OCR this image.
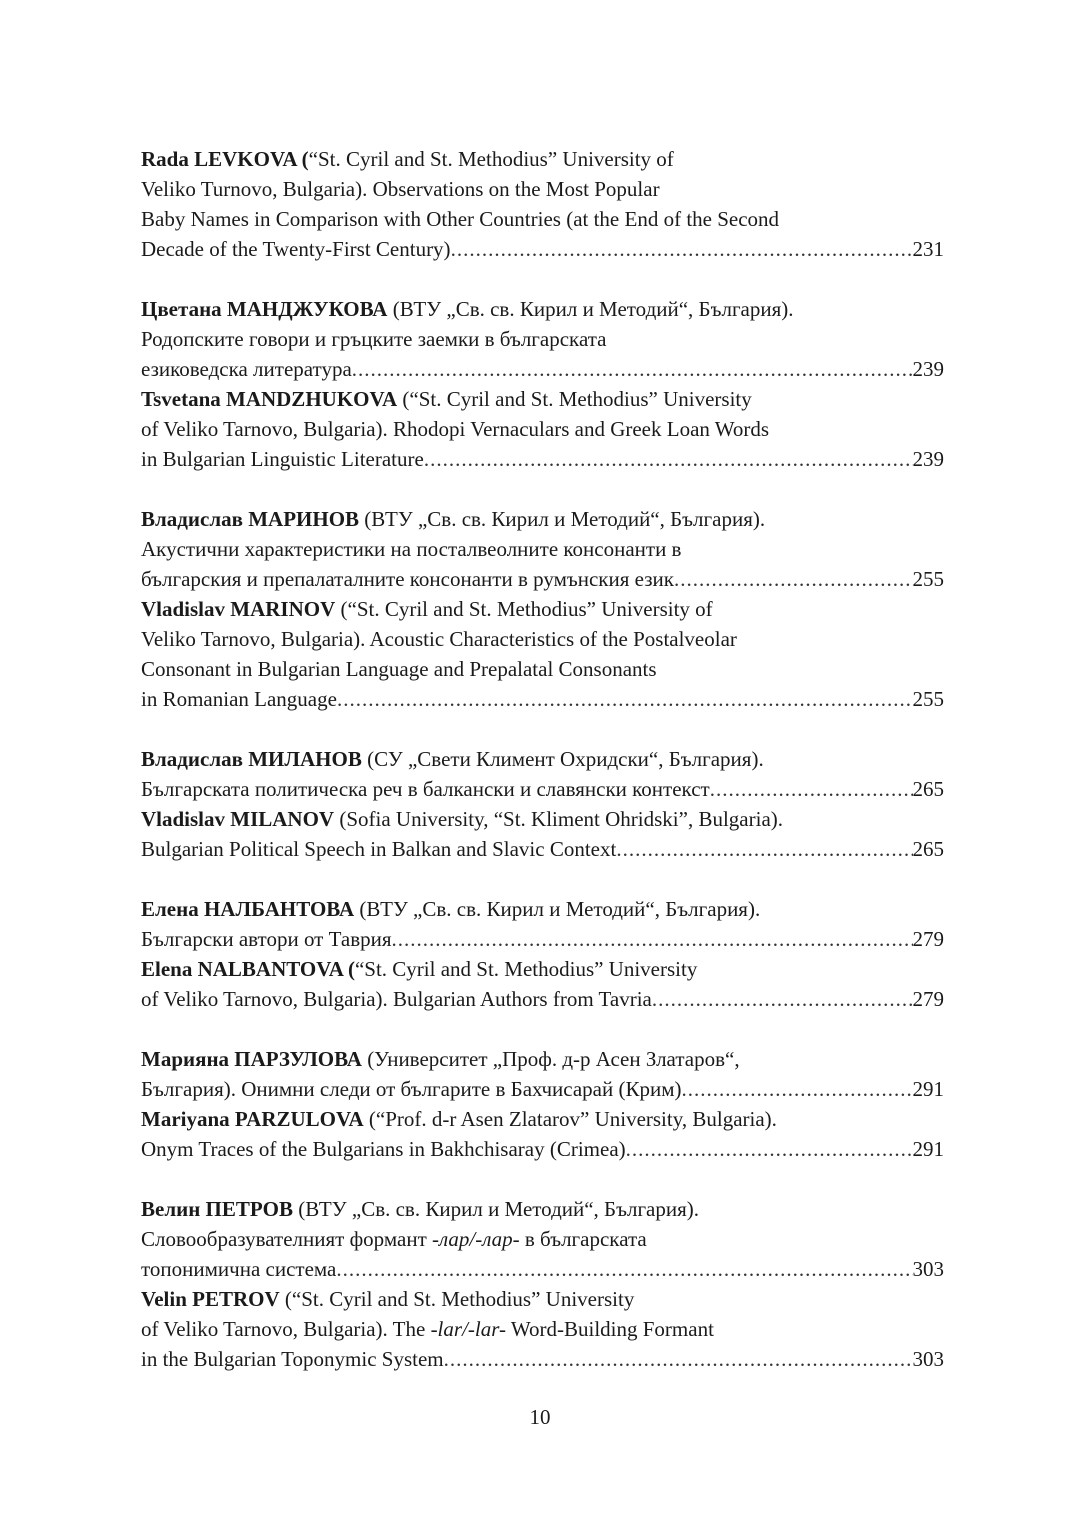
Rada LEVKOVA (“St. Cyril and St. Methodius” University of
Veliko Turnovo, Bulgaria). Observations on the Most Popular
Baby Names in Comparison with Other Countries (at the End of the Second
Decade of the Twenty-First Century) .....	231
Цветана МАНДЖУКОВА (ВТУ „Св. св. Кирил и Методий“, България).
Родопските говори и гръцките заемки в българската
езиковедска литература .....	239
Tsvetana MANDZHUKOVA (“St. Cyril and St. Methodius” University
of Veliko Tarnovo, Bulgaria). Rhodopi Vernaculars and Greek Loan Words
in Bulgarian Linguistic Literature .....	239
Владислав МАРИНОВ (ВТУ „Св. св. Кирил и Методий“, България).
Акустични характеристики на посталвеолните консонанти в
българския и препалаталните консонанти в румънския език .....	255
Vladislav MARINOV (“St. Cyril and St. Methodius” University of
Veliko Tarnovo, Bulgaria). Acoustic Characteristics of the Postalveolar
Consonant in Bulgarian Language and Prepalatal Consonants
in Romanian Language .....	255
Владислав МИЛАНОВ (СУ „Свети Климент Охридски“, България).
Българската политическа реч в балкански и славянски контекст .....	265
Vladislav MILANOV (Sofia University, “St. Kliment Ohridski”, Bulgaria).
Bulgarian Political Speech in Balkan and Slavic Context .....	265
Елена НАЛБАНТОВА (ВТУ „Св. св. Кирил и Методий“, България).
Български автори от Таврия .....	279
Elena NALBANTOVA (“St. Cyril and St. Methodius” University
of Veliko Tarnovo, Bulgaria). Bulgarian Authors from Tavria .....	279
Марияна ПАРЗУЛОВА (Университет „Проф. д-р Асен Златаров“,
България). Онимни следи от българите в Бахчисарай (Крим) .....	291
Mariyana PARZULOVA (“Prof. d-r Asen Zlatarov” University, Bulgaria).
Onym Traces of the Bulgarians in Bakhchisaray (Crimea) .....	291
Велин ПЕТРОВ (ВТУ „Св. св. Кирил и Методий“, България).
Словообразувателният формант -лар/-лар- в българската
топонимична система .....	303
Velin PETROV (“St. Cyril and St. Methodius” University
of Veliko Tarnovo, Bulgaria). The -lar/-lar- Word-Building Formant
in the Bulgarian Toponymic System .....	303
10
